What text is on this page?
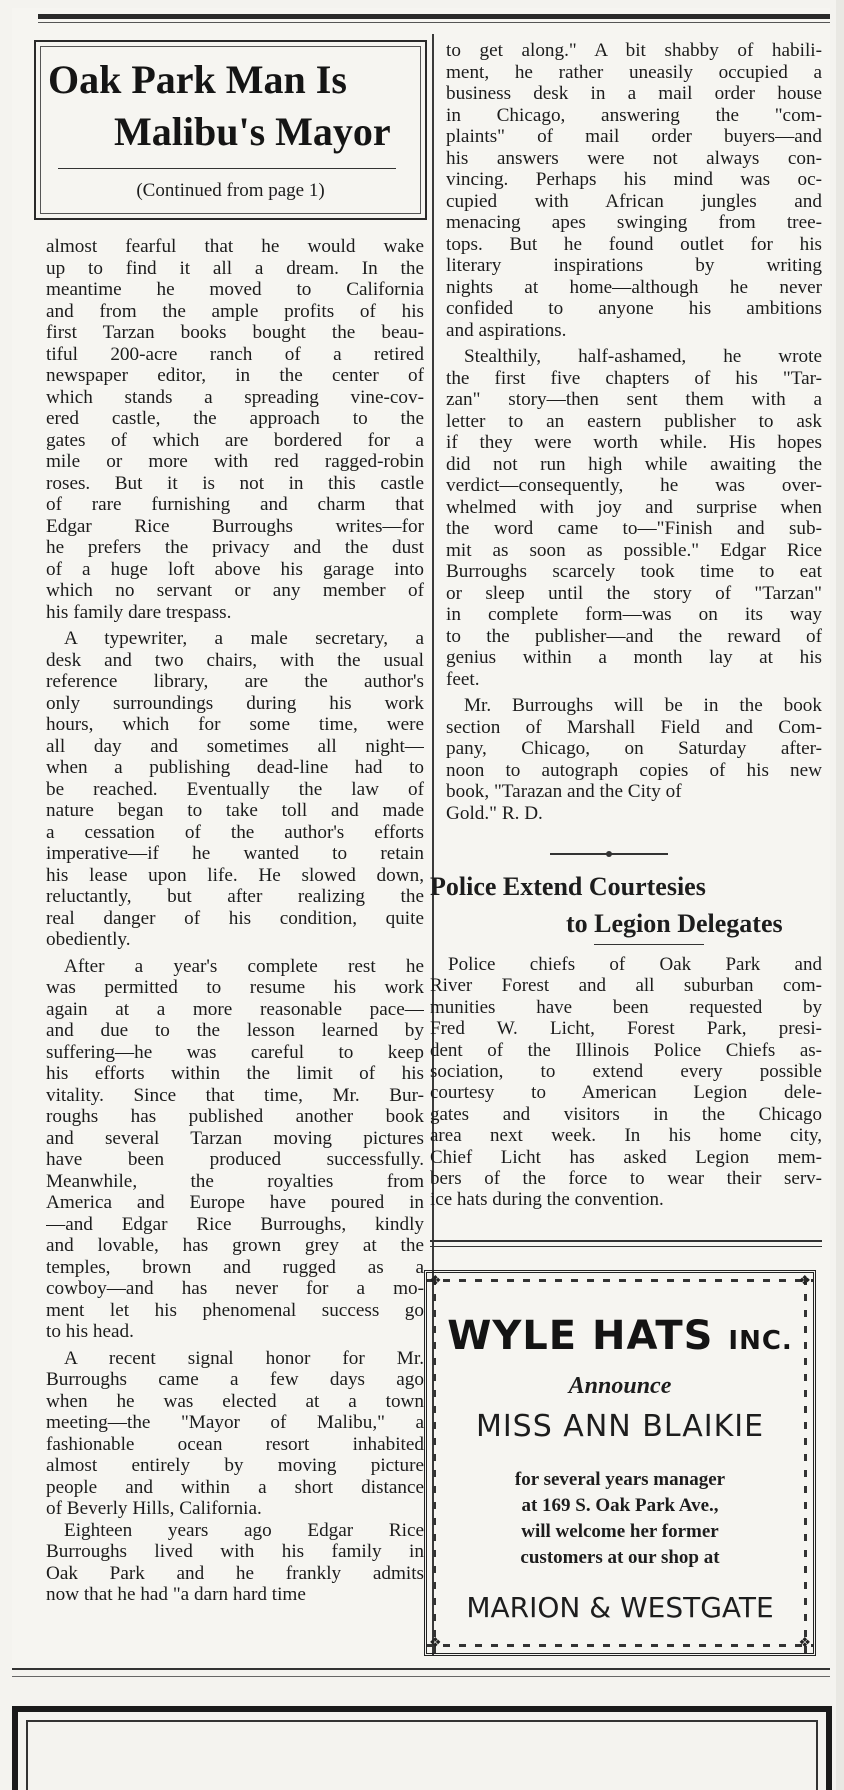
Oak Park Man Is
Malibu's Mayor
(Continued from page 1)
almost fearful that he would wake
up to find it all a dream. In the
meantime he moved to California
and from the ample profits of his
first Tarzan books bought the beau-
tiful 200-acre ranch of a retired
newspaper editor, in the center of
which stands a spreading vine-cov-
ered castle, the approach to the
gates of which are bordered for a
mile or more with red ragged-robin
roses. But it is not in this castle
of rare furnishing and charm that
Edgar Rice Burroughs writes—for
he prefers the privacy and the dust
of a huge loft above his garage into
which no servant or any member of
his family dare trespass.
A typewriter, a male secretary, a
desk and two chairs, with the usual
reference library, are the author's
only surroundings during his work
hours, which for some time, were
all day and sometimes all night—
when a publishing dead-line had to
be reached. Eventually the law of
nature began to take toll and made
a cessation of the author's efforts
imperative—if he wanted to retain
his lease upon life. He slowed down,
reluctantly, but after realizing the
real danger of his condition, quite
obediently.
After a year's complete rest he
was permitted to resume his work
again at a more reasonable pace—
and due to the lesson learned by
suffering—he was careful to keep
his efforts within the limit of his
vitality. Since that time, Mr. Bur-
roughs has published another book
and several Tarzan moving pictures
have been produced successfully.
Meanwhile, the royalties from
America and Europe have poured in
—and Edgar Rice Burroughs, kindly
and lovable, has grown grey at the
temples, brown and rugged as a
cowboy—and has never for a mo-
ment let his phenomenal success go
to his head.
A recent signal honor for Mr.
Burroughs came a few days ago
when he was elected at a town
meeting—the "Mayor of Malibu," a
fashionable ocean resort inhabited
almost entirely by moving picture
people and within a short distance
of Beverly Hills, California.
Eighteen years ago Edgar Rice
Burroughs lived with his family in
Oak Park and he frankly admits
now that he had "a darn hard time
to get along." A bit shabby of habili-
ment, he rather uneasily occupied a
business desk in a mail order house
in Chicago, answering the "com-
plaints" of mail order buyers—and
his answers were not always con-
vincing. Perhaps his mind was oc-
cupied with African jungles and
menacing apes swinging from tree-
tops. But he found outlet for his
literary inspirations by writing
nights at home—although he never
confided to anyone his ambitions
and aspirations.
Stealthily, half-ashamed, he wrote
the first five chapters of his "Tar-
zan" story—then sent them with a
letter to an eastern publisher to ask
if they were worth while. His hopes
did not run high while awaiting the
verdict—consequently, he was over-
whelmed with joy and surprise when
the word came to—"Finish and sub-
mit as soon as possible." Edgar Rice
Burroughs scarcely took time to eat
or sleep until the story of "Tarzan"
in complete form—was on its way
to the publisher—and the reward of
genius within a month lay at his
feet.
Mr. Burroughs will be in the book
section of Marshall Field and Com-
pany, Chicago, on Saturday after-
noon to autograph copies of his new
book, "Tarazan and the City of
Gold." R. D.
Police Extend Courtesies
to Legion Delegates
Police chiefs of Oak Park and
River Forest and all suburban com-
munities have been requested by
Fred W. Licht, Forest Park, presi-
dent of the Illinois Police Chiefs as-
sociation, to extend every possible
courtesy to American Legion dele-
gates and visitors in the Chicago
area next week. In his home city,
Chief Licht has asked Legion mem-
bers of the force to wear their serv-
ice hats during the convention.
❖	❖
❖	❖
WYLE HATS INC.
Announce
MISS ANN BLAIKIE
for several years manager
at 169 S. Oak Park Ave.,
will welcome her former
customers at our shop at
MARION & WESTGATE
